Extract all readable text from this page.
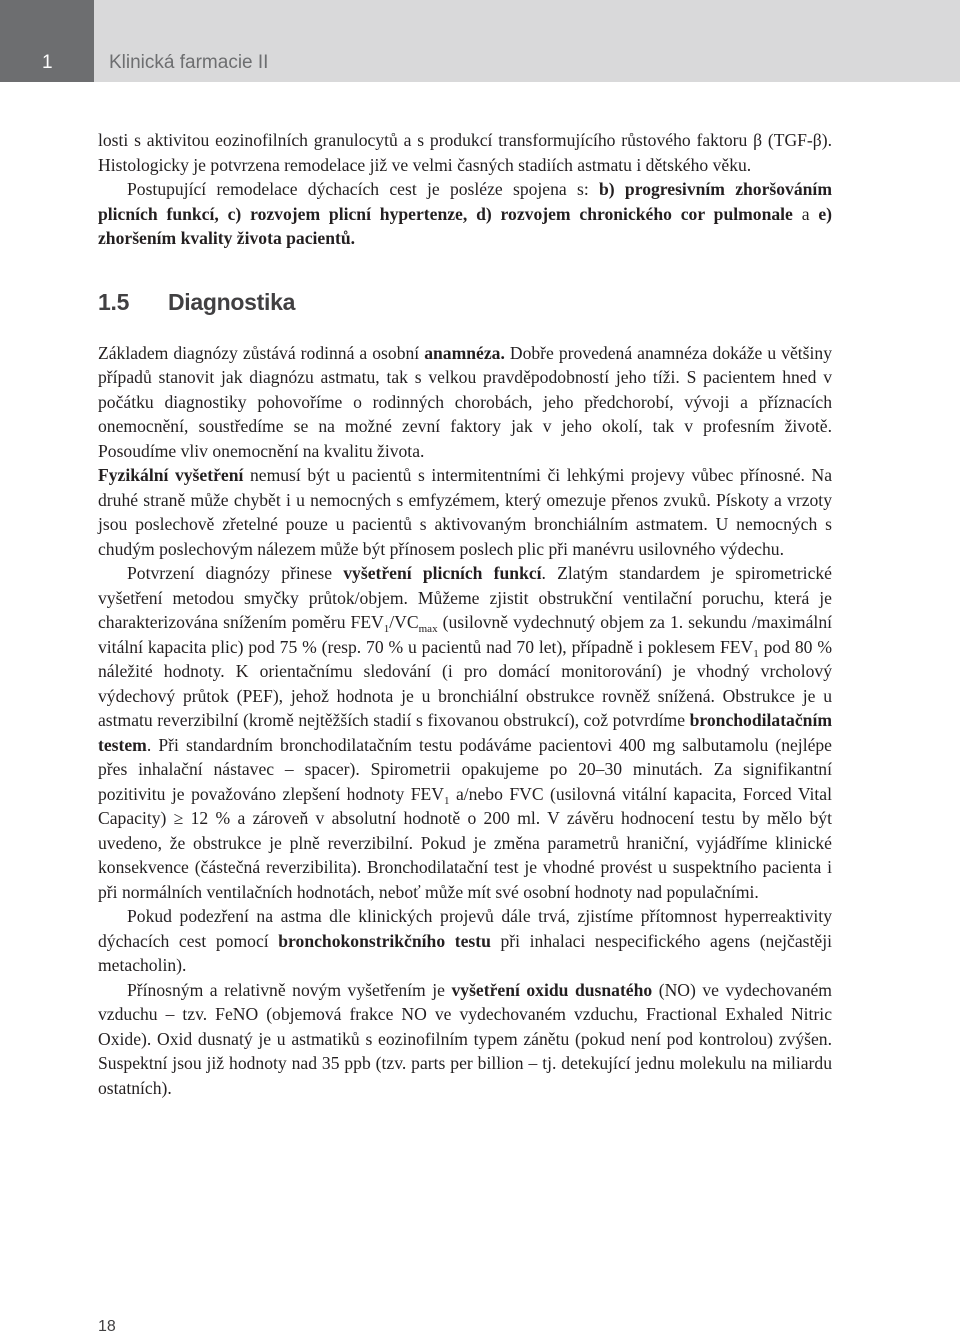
1	Klinická farmacie II

losti s aktivitou eozinofilních granulocytů a s produkcí transformujícího růstového faktoru β (TGF-β). Histologicky je potvrzena remodelace již ve velmi časných stadiích astmatu i dětského věku.

Postupující remodelace dýchacích cest je posléze spojena s: b) progresivním zhoršováním plicních funkcí, c) rozvojem plicní hypertenze, d) rozvojem chronického cor pulmonale a e) zhoršením kvality života pacientů.

1.5 Diagnostika

Základem diagnózy zůstává rodinná a osobní anamnéza. Dobře provedená anamnéza dokáže u většiny případů stanovit jak diagnózu astmatu, tak s velkou pravděpodobností jeho tíži. S pacientem hned v počátku diagnostiky pohovoříme o rodinných chorobách, jeho předchorobí, vývoji a příznacích onemocnění, soustředíme se na možné zevní faktory jak v jeho okolí, tak v profesním životě. Posoudíme vliv onemocnění na kvalitu života.

Fyzikální vyšetření nemusí být u pacientů s intermitentními či lehkými projevy vůbec přínosné. Na druhé straně může chybět i u nemocných s emfyzémem, který omezuje přenos zvuků. Pískoty a vrzoty jsou poslechově zřetelné pouze u pacientů s aktivovaným bronchiálním astmatem. U nemocných s chudým poslechovým nálezem může být přínosem poslech plic při manévru usilovného výdechu.

Potvrzení diagnózy přinese vyšetření plicních funkcí. Zlatým standardem je spirometrické vyšetření metodou smyčky průtok/objem. Můžeme zjistit obstrukční ventilační poruchu, která je charakterizována snížením poměru $FEV_1/VC_{max}$ (usilovně vydechnutý objem za 1. sekundu /maximální vitální kapacita plic) pod 75 % (resp. 70 % u pacientů nad 70 let), případně i poklesem $FEV_1$ pod 80 % náležité hodnoty. K orientačnímu sledování (i pro domácí monitorování) je vhodný vrcholový výdechový průtok (PEF), jehož hodnota je u bronchiální obstrukce rovněž snížená. Obstrukce je u astmatu reverzibilní (kromě nejtěžších stadií s fixovanou obstrukcí), což potvrdíme bronchodilatačním testem. Při standardním bronchodilatačním testu podáváme pacientovi 400 mg salbutamolu (nejlépe přes inhalační nástavec – spacer). Spirometrii opakujeme po 20–30 minutách. Za signifikantní pozitivitu je považováno zlepšení hodnoty $FEV_1$ a/nebo FVC (usilovná vitální kapacita, Forced Vital Capacity) ≥ 12 % a zároveň v absolutní hodnotě o 200 ml. V závěru hodnocení testu by mělo být uvedeno, že obstrukce je plně reverzibilní. Pokud je změna parametrů hraniční, vyjádříme klinické konsekvence (částečná reverzibilita). Bronchodilatační test je vhodné provést u suspektního pacienta i při normálních ventilačních hodnotách, neboť může mít své osobní hodnoty nad populačními.

Pokud podezření na astma dle klinických projevů dále trvá, zjistíme přítomnost hyperreaktivity dýchacích cest pomocí bronchokonstrikčního testu při inhalaci nespecifického agens (nejčastěji metacholin).

Přínosným a relativně novým vyšetřením je vyšetření oxidu dusnatého (NO) ve vydechovaném vzduchu – tzv. FeNO (objemová frakce NO ve vydechovaném vzduchu, Fractional Exhaled Nitric Oxide). Oxid dusnatý je u astmatiků s eozinofilním typem zánětu (pokud není pod kontrolou) zvýšen. Suspektní jsou již hodnoty nad 35 ppb (tzv. parts per billion – tj. detekující jednu molekulu na miliardu ostatních).

18
